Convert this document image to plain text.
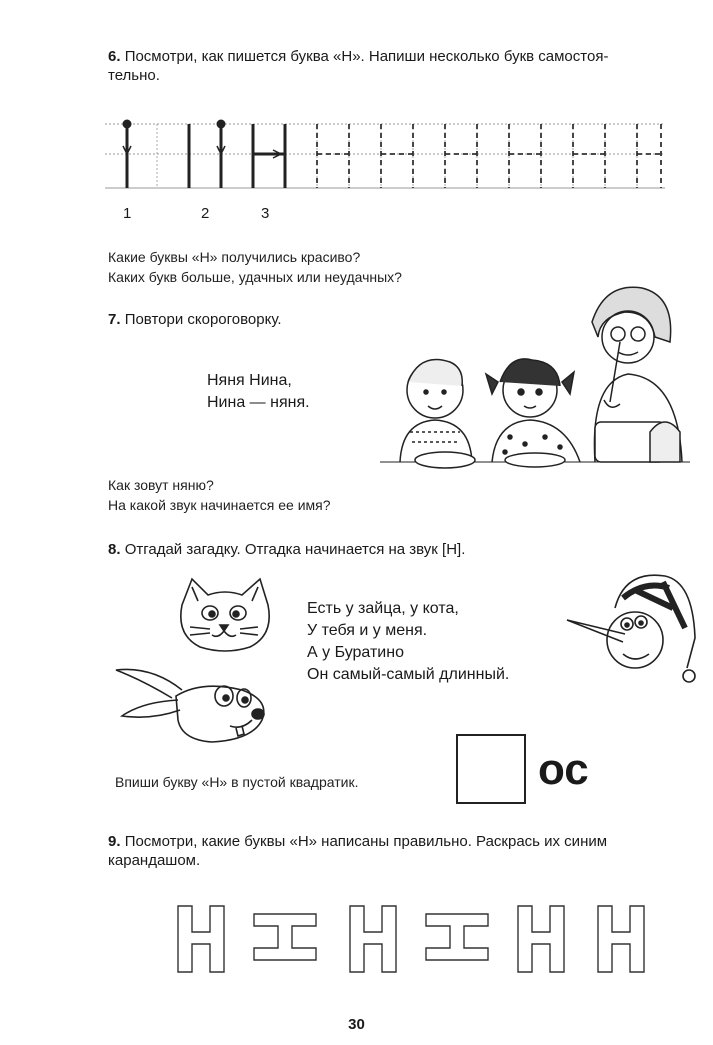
6. Посмотри, как пишется буква «Н». Напиши несколько букв самостоя-
тельно.
1	2	3
Какие буквы «Н» получились красиво?
Каких букв больше, удачных или неудачных?
7. Повтори скороговорку.
Няня Нина,
Нина — няня.
Как зовут няню?
На какой звук начинается ее имя?
8. Отгадай загадку. Отгадка начинается на звук [Н].
Есть у зайца, у кота,
У тебя и у меня.
А у Буратино
Он самый-самый длинный.
Впиши букву «Н» в пустой квадратик.	ос
9. Посмотри, какие буквы «Н» написаны правильно. Раскрась их синим
карандашом.
30
